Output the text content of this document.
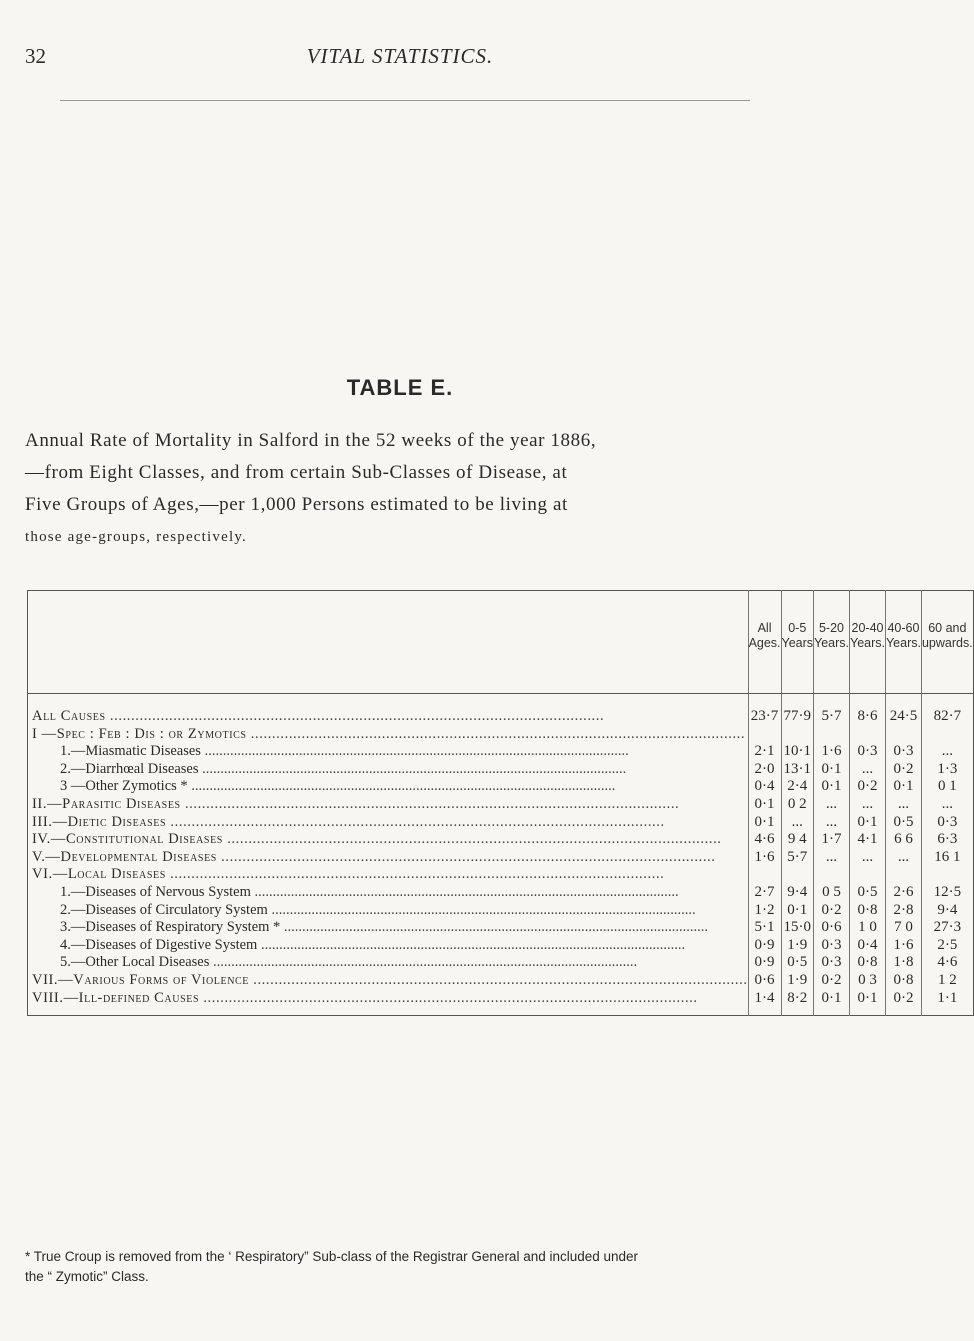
32	VITAL STATISTICS.
TABLE E.
Annual Rate of Mortality in Salford in the 52 weeks of the year 1886,
—from Eight Classes, and from certain Sub-Classes of Disease, at
Five Groups of Ages,—per 1,000 Persons estimated to be living at
those age-groups, respectively.
	All Ages.	0-5 Years	5-20 Years.	20-40 Years.	40-60 Years.	60 and upwards.
All Causes .....	23·7	77·9	5·7	8·6	24·5	82·7
I —Spec : Feb : Dis : or Zymotics .....						
1.—Miasmatic Diseases .....	2·1	10·1	1·6	0·3	0·3	...
2.—Diarrhœal Diseases .....	2·0	13·1	0·1	...	0·2	1·3
3 —Other Zymotics * .....	0·4	2·4	0·1	0·2	0·1	0 1
II.—Parasitic Diseases .....	0·1	0 2	...	...	...	...
III.—Dietic Diseases .....	0·1	...	...	0·1	0·5	0·3
IV.—Constitutional Diseases .....	4·6	9 4	1·7	4·1	6 6	6·3
V.—Developmental Diseases .....	1·6	5·7	...	...	...	16 1
VI.—Local Diseases .....						
1.—Diseases of Nervous System .....	2·7	9·4	0 5	0·5	2·6	12·5
2.—Diseases of Circulatory System .....	1·2	0·1	0·2	0·8	2·8	9·4
3.—Diseases of Respiratory System * .....	5·1	15·0	0·6	1 0	7 0	27·3
4.—Diseases of Digestive System .....	0·9	1·9	0·3	0·4	1·6	2·5
5.—Other Local Diseases .....	0·9	0·5	0·3	0·8	1·8	4·6
VII.—Various Forms of Violence .....	0·6	1·9	0·2	0 3	0·8	1 2
VIII.—Ill-defined Causes .....	1·4	8·2	0·1	0·1	0·2	1·1
* True Croup is removed from the ‘ Respiratory” Sub-class of the Registrar General and included under
the “ Zymotic” Class.
